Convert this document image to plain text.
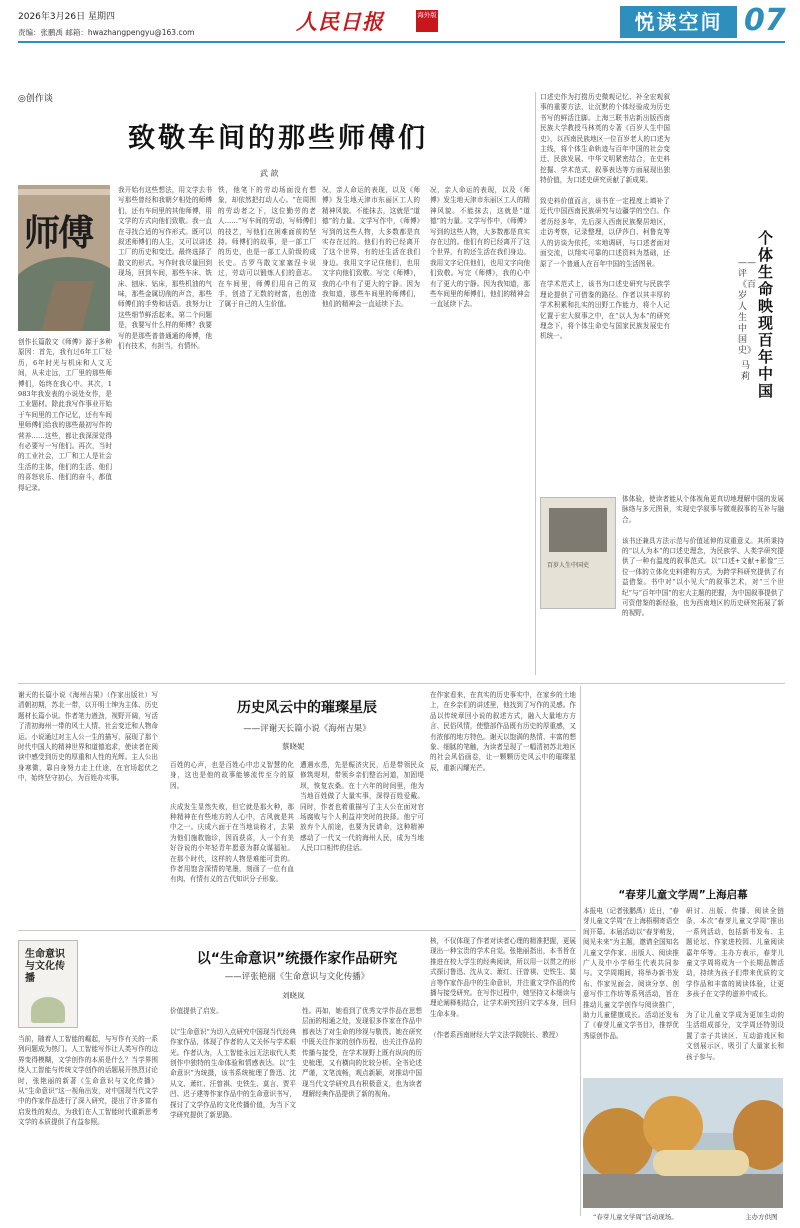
2026年3月26日 星期四
责编：张鹏禹 邮箱：hwazhangpengyu@163.com	人民日报	海外版	悦读空间 07
◎创作谈
致敬车间的那些师傅们
武 歆
师傅
创作长篇散文《师傅》源于多种原因：首先，我有过6年工厂经历，6年时光与机床和人文无间，从未走远，工厂里的那些师傅们，始终在我心中。其次，1983年我发表的小说处女作，是工业题材。除此我写作事业开始于车间里的工作记忆，还有车间里师傅们给我的那些最初写作的营养……这些，都让我深深觉得有必要写一写他们。再次，当时的工业社会，工厂和工人是社会生活的主体，他们的生活、他们的喜怒哀乐、他们的奋斗，都值得记录。
我开始有这些想法，用文学去书写那些曾经和我朝夕相处的师傅们，还有车间里的其他师傅，用文学的方式向他们致敬。我一直在寻找合适的写作形式。既可以叙述师傅们的人生，又可以讲述工厂的历史和变迁。最终选择了散文的形式。写作时我尽量回到现场，回到车间，那些车床、铣床、刨床、钻床，那些机油的气味，那些金属切削的声音，那些师傅们的手势和话语。我努力让这些细节鲜活起来。第二个问题是，我要写什么样的师傅？我要写的是那些普普通通的师傅，他们有技术，有担当，有情怀。
铁，他笔下的劳动场面没有想象，却依然把打动人心。“在周围的劳动者之下，这位勤劳的老人……”写车间的劳动，写师傅们的技艺，写他们在困难面前的坚持。师傅们的故事，是一部工厂的历史，也是一部工人阶级的成长史。古罗马散文家塞涅卡说过，劳动可以锻炼人们的意志。在车间里，师傅们用自己的双手，创造了无数的财富，也创造了属于自己的人生价值。
况，亲人命运的表现，以及《师傅》发生地天津市东丽区工人的精神风貌。不能抹去，这就是“道德”的力量。文学写作中，《师傅》写到的这些人物，大多数都是真实存在过的。他们有的已经离开了这个世界，有的还生活在我们身边。我用文字记住他们，也用文字向他们致敬。写完《师傅》，我的心中有了更大的宁静。因为我知道，那些车间里的师傅们，他们的精神会一直延续下去。
况，亲人命运的表现，以及《师傅》发生地天津市东丽区工人的精神风貌。不能抹去，这就是“道德”的力量。文学写作中，《师傅》写到的这些人物，大多数都是真实存在过的。他们有的已经离开了这个世界，有的还生活在我们身边。我用文字记住他们，也用文字向他们致敬。写完《师傅》，我的心中有了更大的宁静。因为我知道，那些车间里的师傅们，他们的精神会一直延续下去。
口述史作为打捞历史微观记忆、补全宏观叙事的重要方法，让沉默的个体经验成为历史书写的鲜活注脚。上海三联书店新出版西南民族大学教授马林英的专著《百岁人生中国史》，以西南民族地区一位百岁老人的口述为主线，将个体生命轨迹与百年中国的社会变迁、民族发展、中华文明紧密结合，在史料挖掘、学术范式、叙事表达等方面展现出独特价值，为口述史研究贡献了新成果。

致史料价值而言，该书在一定程度上填补了近代中国西南民族研究与边疆学的空白。作者历经多年，先后深入西南民族聚居地区，走访考察，记录整理，以伊莎白、柯鲁克等人的访谈为依托，实地调研，与口述者面对面交流，以翔实可靠的口述资料为基础，还原了一个普通人在百年中国的生活图景。

在学术范式上，该书为口述史研究与民族学理论提供了可借鉴的路径。作者以其丰厚的学术积累和扎实的田野工作能力，将个人记忆置于宏大叙事之中，在“以人为本”的研究理念下，将个体生命史与国家民族发展史有机统一。
体体验，使读者能从个体视角更真切地理解中国的发展脉络与多元图景，实现史学叙事与微观叙事的互补与融合。

该书还兼具方法示范与价值延伸的双重意义。其所秉持的“以人为本”的口述史理念，为民族学、人类学研究提供了一种有温度的叙事范式。以“口述+文献+影像”三位一体的立体化史料建构方式，为跨学科研究提供了有益借鉴。书中对“以小见大”的叙事艺术，对“三个世纪”与“百年中国”的宏大主题的把握，为中国叙事提供了可资借鉴的新经验，也为西南地区的历史研究拓展了新的视野。
个体生命映现百年中国
——评《百岁人生中国史》
马 莉
百岁人生中国史
历史风云中的璀璨星辰
——评谢天长篇小说《海州吉果》
蔡晓妮
谢天的长篇小说《海州吉果》（作家出版社）写清朝初期，苏北一带，以开明士绅为主体、历史题材长篇小说。作者笔力遒劲，视野开阔，写活了清初海州一带的风土人情、社会变迁和人物命运。小说通过对主人公一生的描写，展现了那个时代中国人的精神世界和道德追求，使读者在阅读中感受到历史的厚重和人性的光辉。主人公出身寒微，靠自身努力走上仕途，在官场起伏之中，始终坚守初心，为百姓办实事。
百姓的心声，也是百姓心中忠义智慧的化身，这也是他的故事能够流传至今的原因。

庆成发生显然失败，但它就是那火种，那种精神在有些地方的人心中，古风就是其中之一。庆成六面于在当地谈称才，去果为他们施救施诊，因而获喜，人一个有美好谷说的小年轻青年愿意为群众谋福祉。在那个时代，这样的人物是难能可贵的。作者用饱含深情的笔墨，刻画了一位有血有肉、有情有义的古代知识分子形象。
遭遇水患，先是赈济灾民，后是带领民众修筑堤坝，带领乡亲们整治河道，加固堤坝，恢复农桑。在十六年的时间里，他为当地百姓做了大量实事，深得百姓爱戴。同时，作者也着重描写了主人公在面对官场腐败与个人利益冲突时的抉择。他宁可放弃个人前途，也要为民请命，这种精神感动了一代又一代的海州人民，成为当地人民口口相传的佳话。
在作家看来，在真实的历史事实中，在家乡的土地上，在乡亲们的讲述里，他找到了写作的灵感。作品以传统章回小说的叙述方式，融入大量地方方言、民俗风情，使整部作品既有历史的厚重感，又有浓郁的地方特色。谢天以饱满的热情、丰富的想象、细腻的笔触，为读者呈现了一幅清初苏北地区的社会风俗画卷，让一颗颗历史风云中的璀璨星辰，重新闪耀光芒。
“春芽儿童文学周”上海启幕
本报电（记者张鹏禹）近日，“春芽儿童文学周”在上海梧桐寄语空间开幕。本届活动以“春芽萌发，阅见未来”为主题，邀请全国知名儿童文学作家、出版人、阅读推广人及中小学师生代表共同参与。文学周期间，将举办新书发布、作家见面会、阅读分享、创意写作工作坊等系列活动，旨在推动儿童文学创作与阅读推广，助力儿童健康成长。活动还发布了《春芽儿童文学书目》，推荐优秀原创作品。
研讨、出版、传播、阅读全链条，本次“春芽儿童文学周”推出一系列活动，包括新书发布、主题论坛、作家进校园、儿童阅读嘉年华等。主办方表示，春芽儿童文学周将成为一个长期品牌活动，持续为孩子们带来优质的文学作品和丰富的阅读体验，让更多孩子在文学的滋养中成长。

为了让儿童文学成为更加生动的生活组成部分，文学周还特别设置了亲子共读区、互动游戏区和文创展示区，吸引了大量家长和孩子参与。
“春芽儿童文学周”活动现场。	主办方供图
以“生命意识”统摄作家作品研究
——评张艳丽《生命意识与文化传播》
刘晓岚
生命意识与文化传播
当前，随着人工智能的崛起，与写作有关的一系列问题成为热门。人工智能写作让人类写作的边界变得模糊，文学创作的本质是什么？当学界围绕人工智能与传统文学创作的话题展开热烈讨论时，张艳丽的新著《生命意识与文化传播》从“生命意识”这一视角出发，对中国现当代文学中的作家作品进行了深入研究，提出了许多富有启发性的观点，为我们在人工智能时代重新思考文学的本质提供了有益参照。
价值提供了启发。

以“生命意识”为切入点研究中国现当代经典作家作品，体现了作者的人文关怀与学术眼光。作者认为，人工智能永远无法取代人类创作中独特的生命体验和情感表达。以“生命意识”为统摄，该书系统梳理了鲁迅、沈从文、萧红、汪曾祺、史铁生、莫言、贾平凹、迟子建等作家作品中的生命意识书写，探讨了文学作品的文化传播价值，为当下文学研究提供了新思路。
性。再如，她看到了优秀文学作品在思想层面的相通之处，发现很多作家在作品中都表达了对生命的珍视与敬畏。她在研究中既关注作家的创作历程，也关注作品的传播与接受，在学术视野上既有纵向的历史梳理，又有横向的比较分析。全书论述严谨，文笔流畅，观点新颖，对推动中国现当代文学研究具有积极意义，也为读者理解经典作品提供了新的视角。
核，不仅体现了作者对读者心理的精准把握，更展现出一种宝贵的学术自觉。张艳丽指出，本书旨在推进在校大学生的经典阅读，所以用一以贯之的形式探讨鲁迅、沈从文、萧红、汪曾祺、史铁生、莫言等作家作品中的生命意识，并注重文学作品的传播与接受研究。在写作过程中，她坚持文本细读与理论阐释相结合，让学术研究回归文学本身，回归生命本身。

（作者系西南财经大学文法学院院长、教授）
